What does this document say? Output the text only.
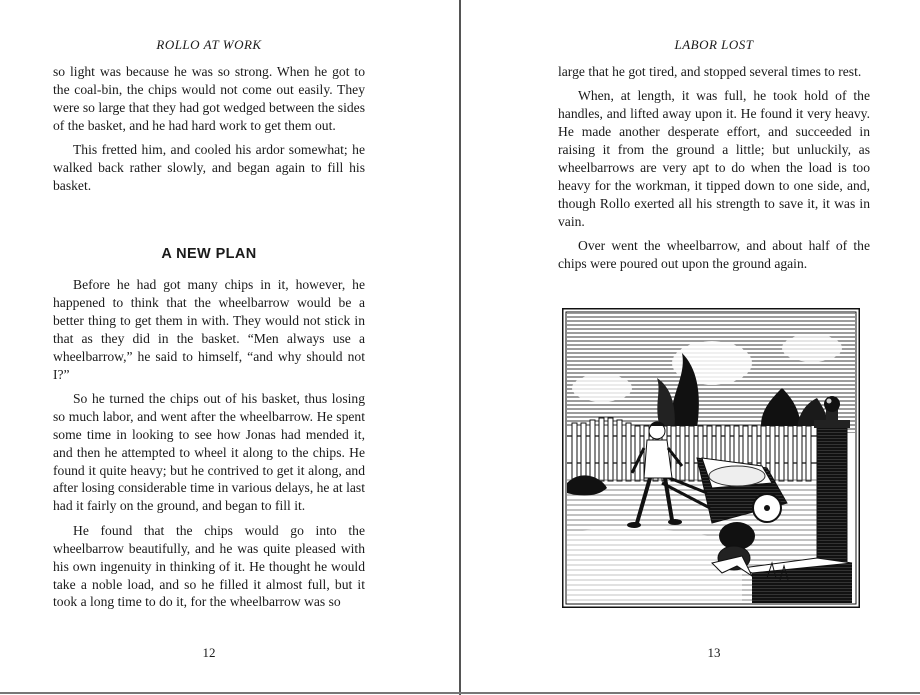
ROLLO AT WORK

so light was because he was so strong. When he got to the coal-bin, the chips would not come out easily. They were so large that they had got wedged between the sides of the basket, and he had hard work to get them out.

This fretted him, and cooled his ardor somewhat; he walked back rather slowly, and began again to fill his basket.

A NEW PLAN

Before he had got many chips in it, however, he happened to think that the wheelbarrow would be a better thing to get them in with. They would not stick in that as they did in the basket. “Men always use a wheelbarrow,” he said to himself, “and why should not I?”

So he turned the chips out of his basket, thus losing so much labor, and went after the wheelbarrow. He spent some time in looking to see how Jonas had mended it, and then he attempted to wheel it along to the chips. He found it quite heavy; but he contrived to get it along, and after losing considerable time in various delays, he at last had it fairly on the ground, and began to fill it.

He found that the chips would go into the wheelbarrow beautifully, and he was quite pleased with his own ingenuity in thinking of it. He thought he would take a noble load, and so he filled it almost full, but it took a long time to do it, for the wheelbarrow was so

12
LABOR LOST

large that he got tired, and stopped several times to rest.

When, at length, it was full, he took hold of the handles, and lifted away upon it. He found it very heavy. He made another desperate effort, and succeeded in raising it from the ground a little; but unluckily, as wheelbarrows are very apt to do when the load is too heavy for the workman, it tipped down to one side, and, though Rollo exerted all his strength to save it, it was in vain.

Over went the wheelbarrow, and about half of the chips were poured out upon the ground again.

13
